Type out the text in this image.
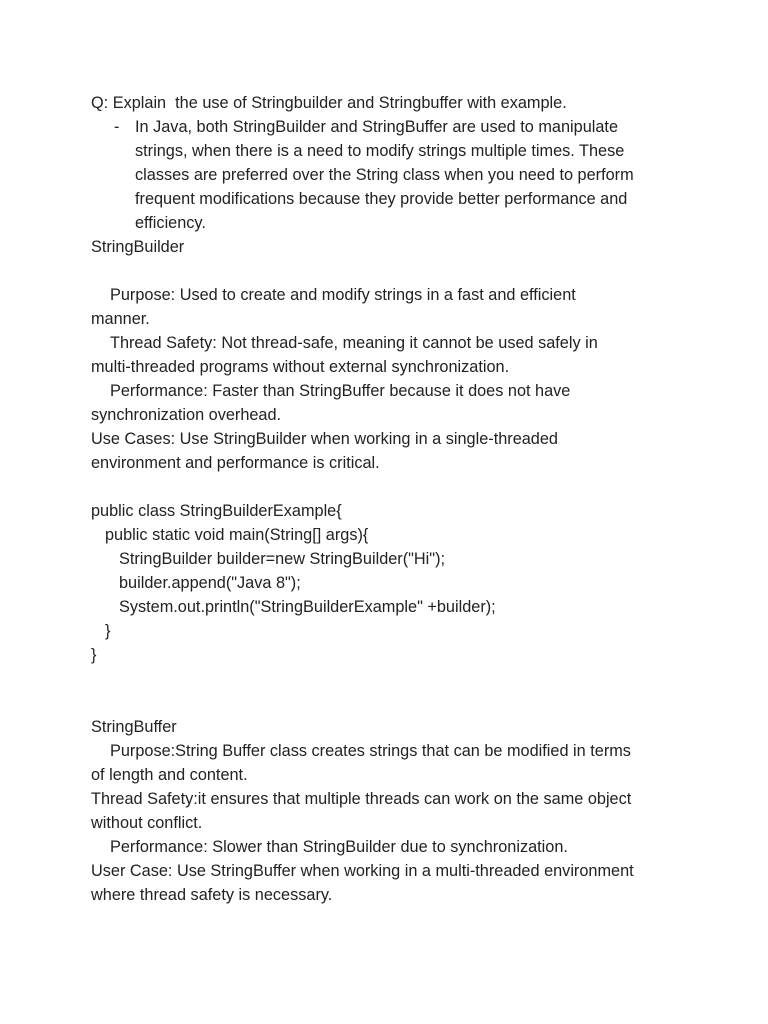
Q: Explain  the use of Stringbuilder and Stringbuffer with example.
- In Java, both StringBuilder and StringBuffer are used to manipulate
strings, when there is a need to modify strings multiple times. These
classes are preferred over the String class when you need to perform
frequent modifications because they provide better performance and
efficiency.
StringBuilder
Purpose: Used to create and modify strings in a fast and efficient
manner.
Thread Safety: Not thread-safe, meaning it cannot be used safely in
multi-threaded programs without external synchronization.
Performance: Faster than StringBuffer because it does not have
synchronization overhead.
Use Cases: Use StringBuilder when working in a single-threaded
environment and performance is critical.
public class StringBuilderExample{
public static void main(String[] args){
StringBuilder builder=new StringBuilder("Hi");
builder.append("Java 8");
System.out.println("StringBuilderExample" +builder);
}
}
StringBuffer
Purpose:String Buffer class creates strings that can be modified in terms
of length and content.
Thread Safety:it ensures that multiple threads can work on the same object
without conflict.
Performance: Slower than StringBuilder due to synchronization.
User Case: Use StringBuffer when working in a multi-threaded environment
where thread safety is necessary.
